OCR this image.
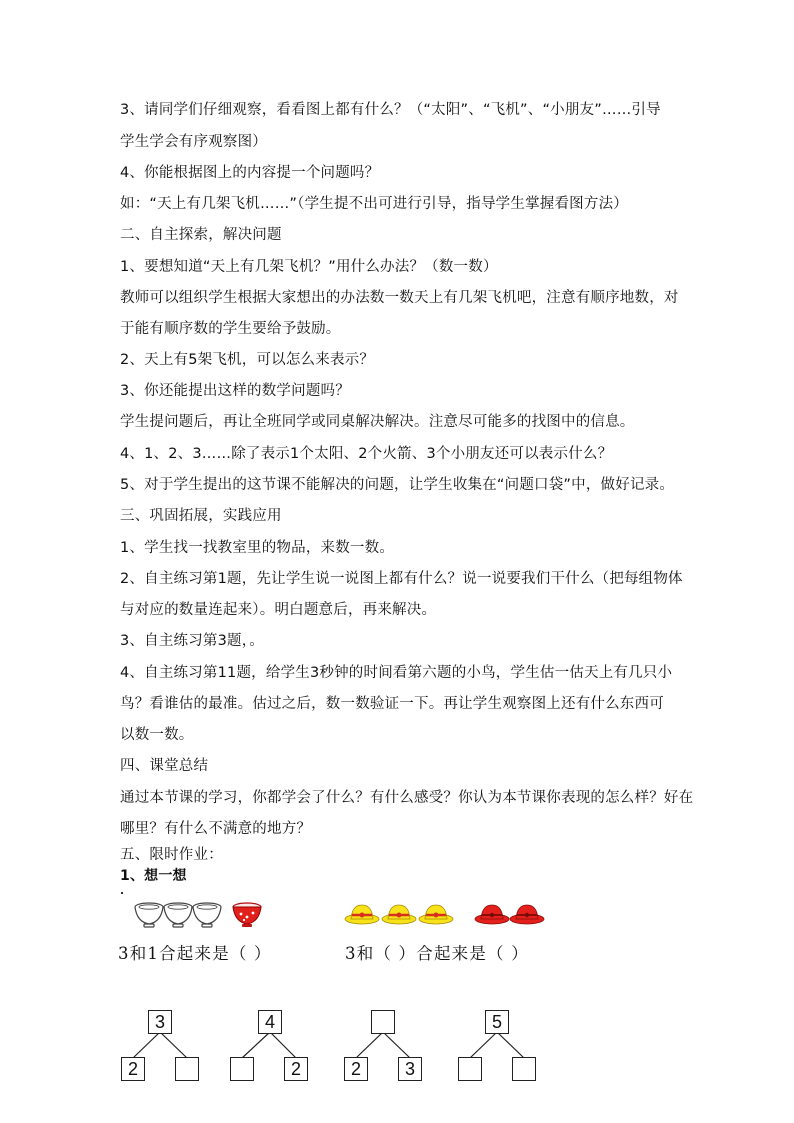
3、请同学们仔细观察，看看图上都有什么？（“太阳”、“飞机”、“小朋友”……引导
学生学会有序观察图）
4、你能根据图上的内容提一个问题吗？
如：“天上有几架飞机……”（学生提不出可进行引导，指导学生掌握看图方法）
二、自主探索，解决问题
1、要想知道“天上有几架飞机？”用什么办法？（数一数）
教师可以组织学生根据大家想出的办法数一数天上有几架飞机吧，注意有顺序地数，对
于能有顺序数的学生要给予鼓励。
2、天上有5架飞机，可以怎么来表示？
3、你还能提出这样的数学问题吗？
学生提问题后，再让全班同学或同桌解决解决。注意尽可能多的找图中的信息。
4、1、2、3……除了表示1个太阳、2个火箭、3个小朋友还可以表示什么？
5、对于学生提出的这节课不能解决的问题，让学生收集在“问题口袋”中，做好记录。
三、巩固拓展，实践应用
1、学生找一找教室里的物品，来数一数。
2、自主练习第1题，先让学生说一说图上都有什么？说一说要我们干什么（把每组物体
与对应的数量连起来）。明白题意后，再来解决。
3、自主练习第3题，。
4、自主练习第11题，给学生3秒钟的时间看第六题的小鸟，学生估一估天上有几只小
鸟？看谁估的最准。估过之后，数一数验证一下。再让学生观察图上还有什么东西可
以数一数。
四、课堂总结
通过本节课的学习，你都学会了什么？有什么感受？你认为本节课你表现的怎么样？好在
哪里？有什么不满意的地方？
五、限时作业：
1、想一想
3和1合起来是（ ）	3和（ ）合起来是（ ）
3
2
4
2	2	3
5
